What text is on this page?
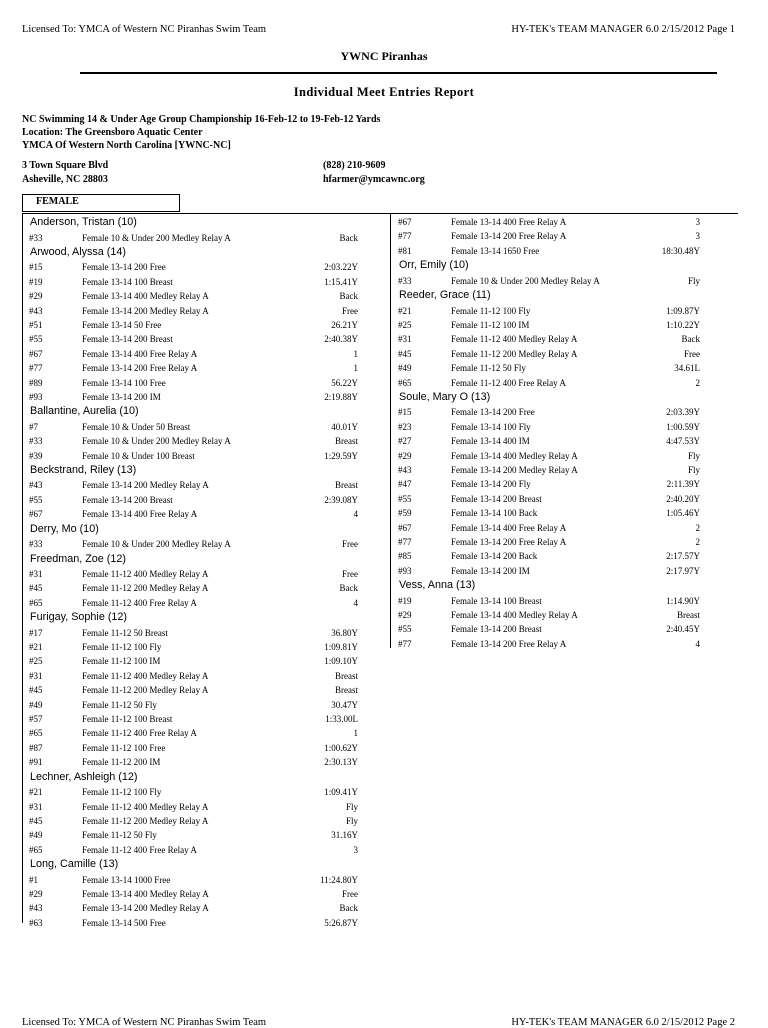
Licensed To: YMCA of Western NC Piranhas Swim Team	HY-TEK's TEAM MANAGER 6.0 2/15/2012 Page 1
YWNC Piranhas
Individual Meet Entries Report
NC Swimming 14 & Under Age Group Championship 16-Feb-12 to 19-Feb-12 Yards
Location: The Greensboro Aquatic Center
YMCA Of Western North Carolina [YWNC-NC]
3 Town Square Blvd
Asheville, NC 28803
(828) 210-9609
hfarmer@ymcawnc.org
FEMALE
Anderson, Tristan (10)
#33	Female 10 & Under 200 Medley Relay A	Back
Arwood, Alyssa (14)
#15	Female 13-14 200 Free	2:03.22Y
#19	Female 13-14 100 Breast	1:15.41Y
#29	Female 13-14 400 Medley Relay A	Back
#43	Female 13-14 200 Medley Relay A	Free
#51	Female 13-14 50 Free	26.21Y
#55	Female 13-14 200 Breast	2:40.38Y
#67	Female 13-14 400 Free Relay A	1
#77	Female 13-14 200 Free Relay A	1
#89	Female 13-14 100 Free	56.22Y
#93	Female 13-14 200 IM	2:19.88Y
Ballantine, Aurelia (10)
#7	Female 10 & Under 50 Breast	40.01Y
#33	Female 10 & Under 200 Medley Relay A	Breast
#39	Female 10 & Under 100 Breast	1:29.59Y
Beckstrand, Riley (13)
#43	Female 13-14 200 Medley Relay A	Breast
#55	Female 13-14 200 Breast	2:39.08Y
#67	Female 13-14 400 Free Relay A	4
Derry, Mo (10)
#33	Female 10 & Under 200 Medley Relay A	Free
Freedman, Zoe (12)
#31	Female 11-12 400 Medley Relay A	Free
#45	Female 11-12 200 Medley Relay A	Back
#65	Female 11-12 400 Free Relay A	4
Furigay, Sophie (12)
#17	Female 11-12 50 Breast	36.80Y
#21	Female 11-12 100 Fly	1:09.81Y
#25	Female 11-12 100 IM	1:09.10Y
#31	Female 11-12 400 Medley Relay A	Breast
#45	Female 11-12 200 Medley Relay A	Breast
#49	Female 11-12 50 Fly	30.47Y
#57	Female 11-12 100 Breast	1:33.00L
#65	Female 11-12 400 Free Relay A	1
#87	Female 11-12 100 Free	1:00.62Y
#91	Female 11-12 200 IM	2:30.13Y
Lechner, Ashleigh (12)
#21	Female 11-12 100 Fly	1:09.41Y
#31	Female 11-12 400 Medley Relay A	Fly
#45	Female 11-12 200 Medley Relay A	Fly
#49	Female 11-12 50 Fly	31.16Y
#65	Female 11-12 400 Free Relay A	3
Long, Camille (13)
#1	Female 13-14 1000 Free	11:24.80Y
#29	Female 13-14 400 Medley Relay A	Free
#43	Female 13-14 200 Medley Relay A	Back
#63	Female 13-14 500 Free	5:26.87Y
#67	Female 13-14 400 Free Relay A	3
#77	Female 13-14 200 Free Relay A	3
#81	Female 13-14 1650 Free	18:30.48Y
Orr, Emily (10)
#33	Female 10 & Under 200 Medley Relay A	Fly
Reeder, Grace (11)
#21	Female 11-12 100 Fly	1:09.87Y
#25	Female 11-12 100 IM	1:10.22Y
#31	Female 11-12 400 Medley Relay A	Back
#45	Female 11-12 200 Medley Relay A	Free
#49	Female 11-12 50 Fly	34.61L
#65	Female 11-12 400 Free Relay A	2
Soule, Mary O (13)
#15	Female 13-14 200 Free	2:03.39Y
#23	Female 13-14 100 Fly	1:00.59Y
#27	Female 13-14 400 IM	4:47.53Y
#29	Female 13-14 400 Medley Relay A	Fly
#43	Female 13-14 200 Medley Relay A	Fly
#47	Female 13-14 200 Fly	2:11.39Y
#55	Female 13-14 200 Breast	2:40.20Y
#59	Female 13-14 100 Back	1:05.46Y
#67	Female 13-14 400 Free Relay A	2
#77	Female 13-14 200 Free Relay A	2
#85	Female 13-14 200 Back	2:17.57Y
#93	Female 13-14 200 IM	2:17.97Y
Vess, Anna (13)
#19	Female 13-14 100 Breast	1:14.90Y
#29	Female 13-14 400 Medley Relay A	Breast
#55	Female 13-14 200 Breast	2:40.45Y
#77	Female 13-14 200 Free Relay A	4
Licensed To: YMCA of Western NC Piranhas Swim Team	HY-TEK's TEAM MANAGER 6.0 2/15/2012 Page 2
